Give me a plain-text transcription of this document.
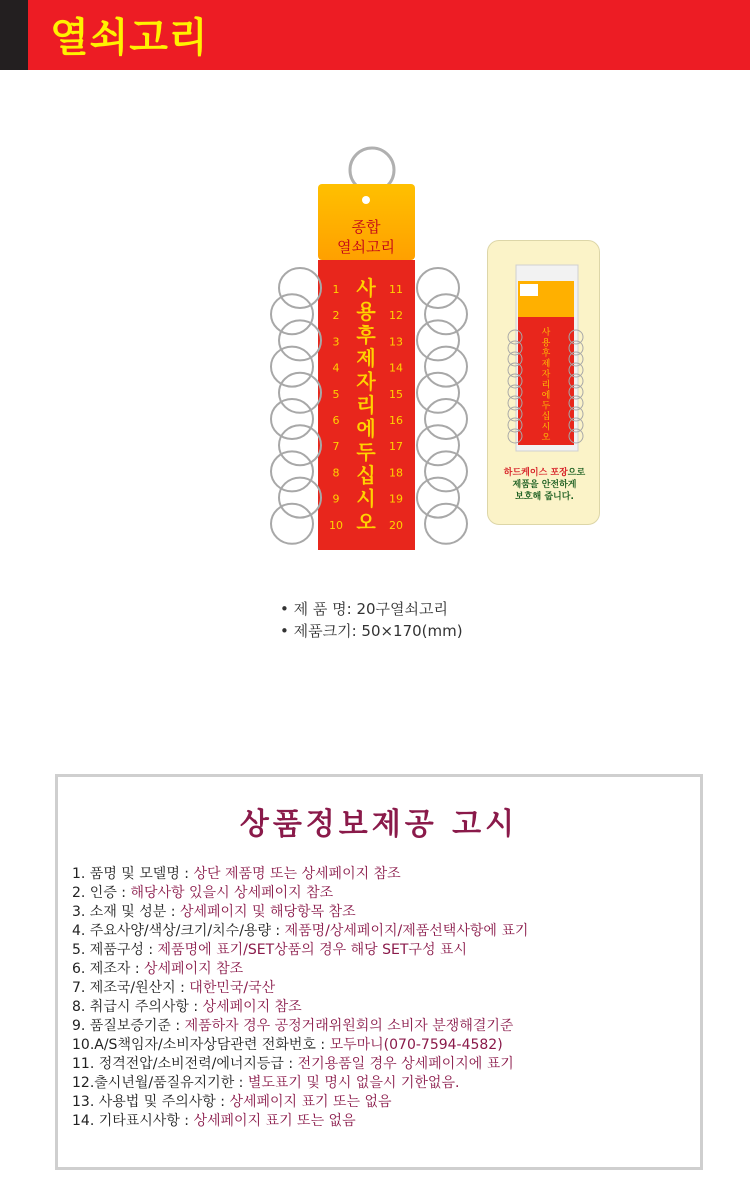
열쇠고리
종합
열쇠고리
사
용
후
제
자
리
에
두
십
시
오
1
2
3
4
5
6
7
8
9
10
11
12
13
14
15
16
17
18
19
20
사
용
후
제
자
리
에
두
십
시
오
하드케이스 포장으로
제품을 안전하게
보호해 줍니다.
• 제 품 명: 20구열쇠고리
• 제품크기: 50×170(mm)
상품정보제공 고시
1. 품명 및 모델명 : 상단 제품명 또는 상세페이지 참조
2. 인증 : 해당사항 있을시 상세페이지 참조
3. 소재 및 성분 : 상세페이지 및 해당항목 참조
4. 주요사양/색상/크기/치수/용량 : 제품명/상세페이지/제품선택사항에 표기
5. 제품구성 : 제품명에 표기/SET상품의 경우 해당 SET구성 표시
6. 제조자 : 상세페이지 참조
7. 제조국/원산지 : 대한민국/국산
8. 취급시 주의사항 : 상세페이지 참조
9. 품질보증기준 : 제품하자 경우 공정거래위원회의 소비자 분쟁해결기준
10.A/S책임자/소비자상담관련 전화번호 : 모두마니(070-7594-4582)
11. 정격전압/소비전력/에너지등급 : 전기용품일 경우 상세페이지에 표기
12.출시년월/품질유지기한 : 별도표기 및 명시 없을시 기한없음.
13. 사용법 및 주의사항 : 상세페이지 표기 또는 없음
14. 기타표시사항 : 상세페이지 표기 또는 없음
